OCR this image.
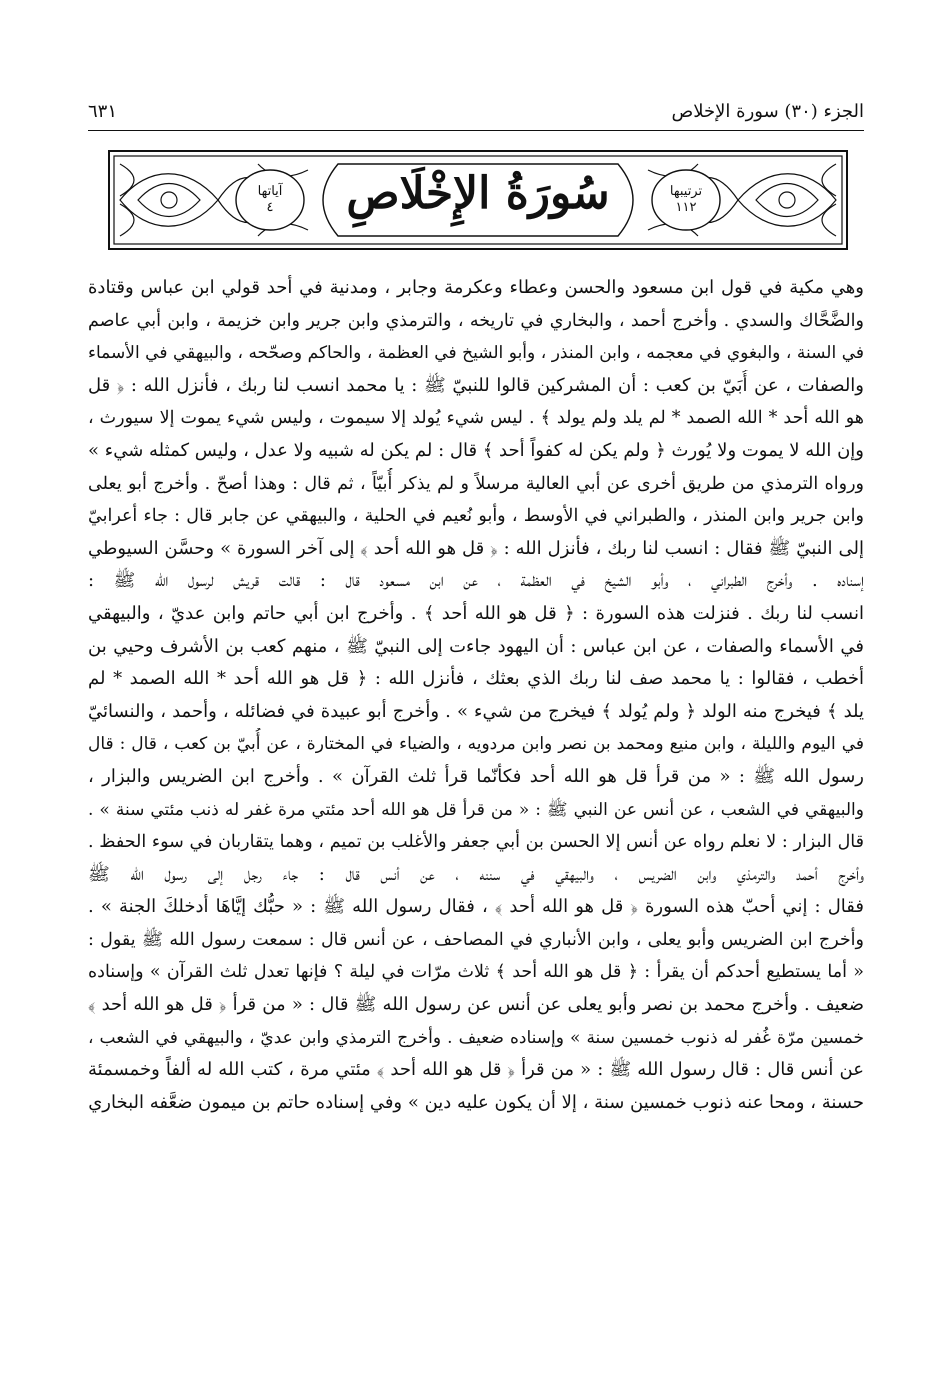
الجزء (٣٠) سورة الإخلاص
٦٣١
سُورَةُ الإِخْلَاصِ
آياتها
٤
ترتيبها
١١٢
وهي مكية في قول ابن مسعود والحسن وعطاء وعكرمة وجابر ، ومدنية في أحد قولي ابن عباس وقتادة
والضَّحَّاك والسدي . وأخرج أحمد ، والبخاري في تاريخه ، والترمذي وابن جرير وابن خزيمة ، وابن أبي عاصم
في السنة ، والبغوي في معجمه ، وابن المنذر ، وأبو الشيخ في العظمة ، والحاكم وصحّحه ، والبيهقي في الأسماء
والصفات ، عن أُبَيّ بن كعب : أن المشركين قالوا للنبيّ ﷺ : يا محمد انسب لنا ربك ، فأنزل الله : ﴿ قل
هو الله أحد * الله الصمد * لم يلد ولم يولد ﴾ . ليس شيء يُولد إلا سيموت ، وليس شيء يموت إلا سيورث ،
وإن الله لا يموت ولا يُورث ﴿ ولم يكن له كفواً أحد ﴾ قال : لم يكن له شبيه ولا عدل ، وليس كمثله شيء »
ورواه الترمذي من طريق أخرى عن أبي العالية مرسلاً و لم يذكر أُبيّاً ، ثم قال : وهذا أصحّ . وأخرج أبو يعلى
وابن جرير وابن المنذر ، والطبراني في الأوسط ، وأبو نُعيم في الحلية ، والبيهقي عن جابر قال : جاء أعرابيّ
إلى النبيّ ﷺ فقال : انسب لنا ربك ، فأنزل الله : ﴿ قل هو الله أحد ﴾ إلى آخر السورة » وحسَّن السيوطي
إسناده . وأخرج الطبراني ، وأبو الشيخ في العظمة ، عن ابن مسعود قال : قالت قريش لرسول الله ﷺ :
انسب لنا ربك . فنزلت هذه السورة : ﴿ قل هو الله أحد ﴾ . وأخرج ابن أبي حاتم وابن عديّ ، والبيهقي
في الأسماء والصفات ، عن ابن عباس : أن اليهود جاءت إلى النبيّ ﷺ ، منهم كعب بن الأشرف وحيي بن
أخطب ، فقالوا : يا محمد صف لنا ربك الذي بعثك ، فأنزل الله : ﴿ قل هو الله أحد * الله الصمد * لم
يلد ﴾ فيخرج منه الولد ﴿ ولم يُولد ﴾ فيخرج من شيء » . وأخرج أبو عبيدة في فضائله ، وأحمد ، والنسائيّ
في اليوم والليلة ، وابن منيع ومحمد بن نصر وابن مردويه ، والضياء في المختارة ، عن أُبيّ بن كعب ، قال : قال
رسول الله ﷺ : « من قرأ قل هو الله أحد فكأنّما قرأ ثلث القرآن » . وأخرج ابن الضريس والبزار ،
والبيهقي في الشعب ، عن أنس عن النبي ﷺ : « من قرأ قل هو الله أحد مئتي مرة غفر له ذنب مئتي سنة » .
قال البزار : لا نعلم رواه عن أنس إلا الحسن بن أبي جعفر والأغلب بن تميم ، وهما يتقاربان في سوء الحفظ .
وأخرج أحمد والترمذي وابن الضريس ، والبيهقي في سننه ، عن أنس قال : جاء رجل إلى رسول الله ﷺ
فقال : إني أحبّ هذه السورة ﴿ قل هو الله أحد ﴾ ، فقال رسول الله ﷺ : « حبُّك إيَّاهَا أدخلكَ الجنة » .
وأخرج ابن الضريس وأبو يعلى ، وابن الأنباري في المصاحف ، عن أنس قال : سمعت رسول الله ﷺ يقول :
« أما يستطيع أحدكم أن يقرأ : ﴿ قل هو الله أحد ﴾ ثلاث مرّات في ليلة ؟ فإنها تعدل ثلث القرآن » وإسناده
ضعيف . وأخرج محمد بن نصر وأبو يعلى عن أنس عن رسول الله ﷺ قال : « من قرأ ﴿ قل هو الله أحد ﴾
خمسين مرّة غُفر له ذنوب خمسين سنة » وإسناده ضعيف . وأخرج الترمذي وابن عديّ ، والبيهقي في الشعب ،
عن أنس قال : قال رسول الله ﷺ : « من قرأ ﴿ قل هو الله أحد ﴾ مئتي مرة ، كتب الله له ألفاً وخمسمئة
حسنة ، ومحا عنه ذنوب خمسين سنة ، إلا أن يكون عليه دين » وفي إسناده حاتم بن ميمون ضعَّفه البخاري
